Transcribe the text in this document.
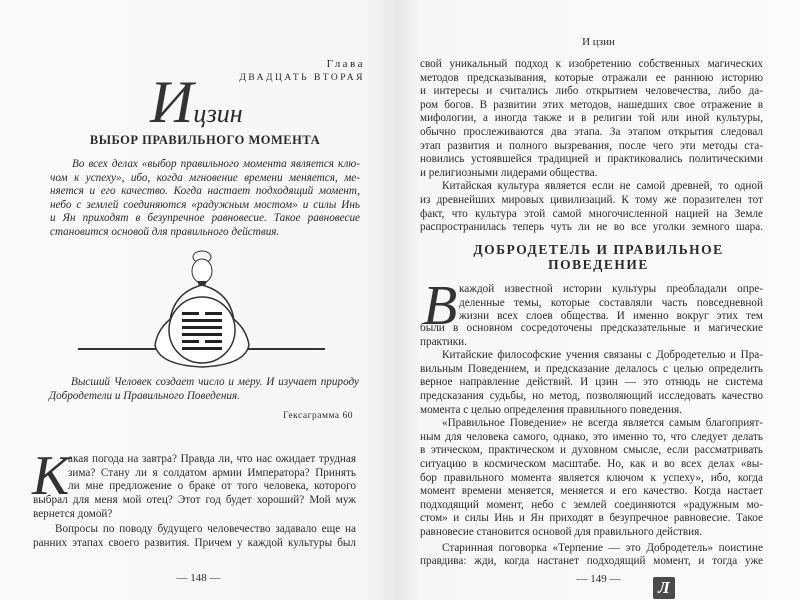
Глава
ДВАДЦАТЬ ВТОРАЯ
Ицзин
ВЫБОР ПРАВИЛЬНОГО МОМЕНТА
Во всех делах «выбор правильного момента является клю-
чом к успеху», ибо, когда мгновение времени меняется, ме-
няется и его качество. Когда настает подходящий момент,
небо с землей соединяются «радужным мостом» и силы Инь
и Ян приходят в безупречное равновесие. Такое равновесие
становится основой для правильного действия.
Высший Человек создает число и меру. И изучает природу
Добродетели и Правильного Поведения.
Гексаграмма 60
К
акая погода на завтра? Правда ли, что нас ожидает трудная
зима? Стану ли я солдатом армии Императора? Принять
ли мне предложение о браке от того человека, которого
выбрал для меня мой отец? Этот год будет хороший? Мой муж
вернется домой?
Вопросы по поводу будущего человечество задавало еще на
ранних этапах своего развития. Причем у каждой культуры был
— 148 —
И цзин
свой уникальный подход к изобретению собственных магических
методов предсказывания, которые отражали ее раннюю историю
и интересы и считались либо открытием человечества, либо да-
ром богов. В развитии этих методов, нашедших свое отражение в
мифологии, а иногда также и в религии той или иной культуры,
обычно прослеживаются два этапа. За этапом открытия следовал
этап развития и полного вызревания, после чего эти методы ста-
новились устоявшейся традицией и практиковались политическими
и религиозными лидерами общества.
Китайская культура является если не самой древней, то одной
из древнейших мировых цивилизаций. К тому же поразителен тот
факт, что культура этой самой многочисленной нацией на Земле
распространилась теперь чуть ли не во все уголки земного шара.
ДОБРОДЕТЕЛЬ И ПРАВИЛЬНОЕ
ПОВЕДЕНИЕ
В каждой известной истории культуры преобладали опре-
деленные темы, которые составляли часть повседневной
жизни всех слоев общества. И именно вокруг этих тем
были в основном сосредоточены предсказательные и магические
практики.
Китайские философские учения связаны с Добродетелью и Пра-
вильным Поведением, и предсказание делалось с целью определить
верное направление действий. И цзин — это отнюдь не система
предсказания судьбы, но метод, позволяющий исследовать качество
момента с целью определения правильного поведения.
«Правильное Поведение» не всегда является самым благоприят-
ным для человека самого, однако, это именно то, что следует делать
в этическом, практическом и духовном смысле, если рассматривать
ситуацию в космическом масштабе. Но, как и во всех делах «вы-
бор правильного момента является ключом к успеху», ибо, когда
момент времени меняется, меняется и его качество. Когда настает
подходящий момент, небо с землей соединяются «радужным мо-
стом» и силы Инь и Ян приходят в безупречное равновесие. Такое
равновесие становится основой для правильного действия.
Старинная поговорка «Терпение — это Добродетель» поистине
правдива: жди, когда настанет подходящий момент, и тогда уже
— 149 —	Л
